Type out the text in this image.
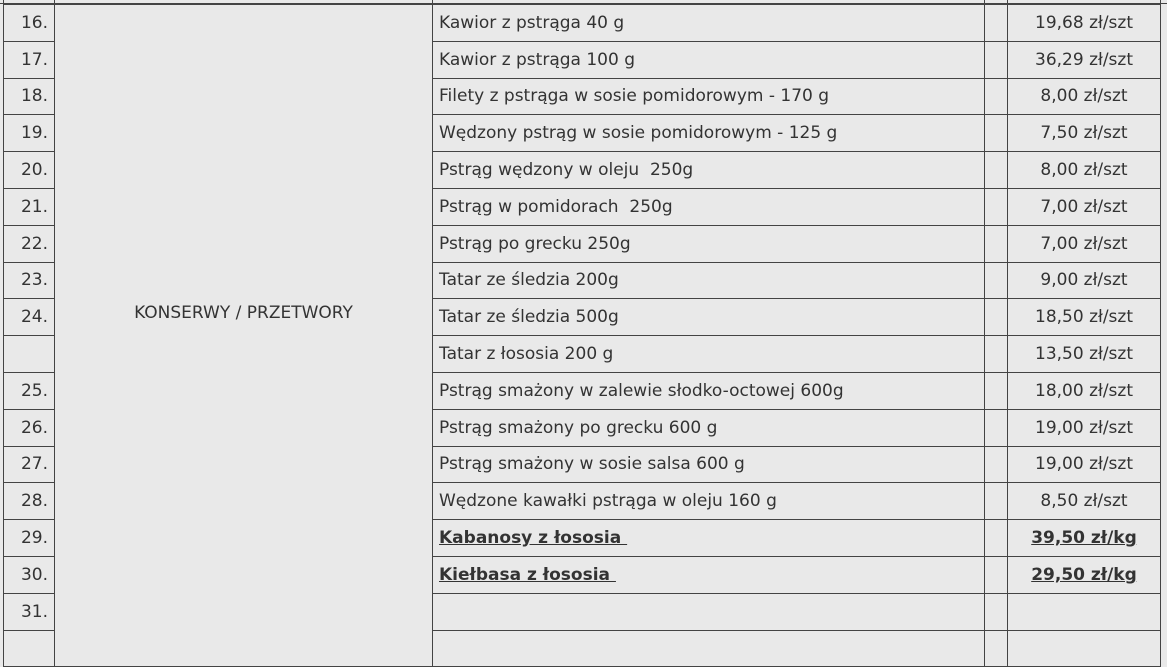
16.	KONSERWY / PRZETWORY	Kawior z pstrąga 40 g		19,68 zł/szt
17.		Kawior z pstrąga 100 g		36,29 zł/szt
18.		Filety z pstrąga w sosie pomidorowym - 170 g		8,00 zł/szt
19.		Wędzony pstrąg w sosie pomidorowym - 125 g		7,50 zł/szt
20.		Pstrąg wędzony w oleju  250g		8,00 zł/szt
21.		Pstrąg w pomidorach  250g		7,00 zł/szt
22.		Pstrąg po grecku 250g		7,00 zł/szt
23.		Tatar ze śledzia 200g		9,00 zł/szt
24.		Tatar ze śledzia 500g		18,50 zł/szt
		Tatar z łososia 200 g		13,50 zł/szt
25.		Pstrąg smażony w zalewie słodko-octowej 600g		18,00 zł/szt
26.		Pstrąg smażony po grecku 600 g		19,00 zł/szt
27.		Pstrąg smażony w sosie salsa 600 g		19,00 zł/szt
28.		Wędzone kawałki pstrąga w oleju 160 g		8,50 zł/szt
29.		Kabanosy z łososia		39,50 zł/kg
30.		Kiełbasa z łososia		29,50 zł/kg
31.				
